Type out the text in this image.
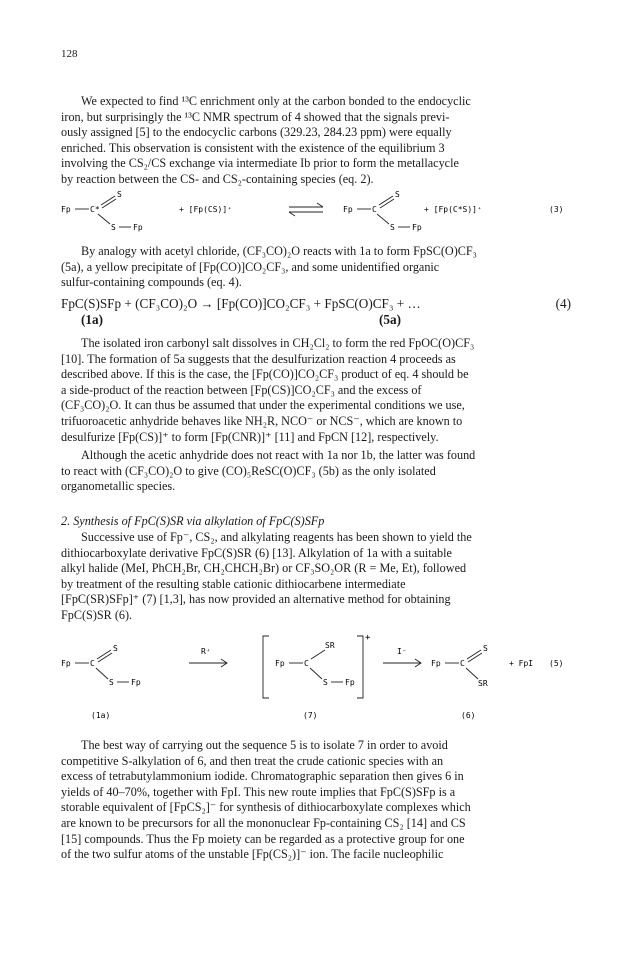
128

We expected to find ¹³C enrichment only at the carbon bonded to the endocyclic

iron, but surprisingly the ¹³C NMR spectrum of 4 showed that the signals previ-

ously assigned [5] to the endocyclic carbons (329.23, 284.23 ppm) were equally

enriched. This observation is consistent with the existence of the equilibrium 3

involving the CS₂/CS exchange via intermediate Ib prior to form the metallacycle

by reaction between the CS- and CS₂-containing species (eq. 2).

Fp C*
S
S Fp
+ [Fp(CS)]⁺	Fp C
S
S Fp
+ [Fp(C*S)]⁺	(3)

By analogy with acetyl chloride, (CF₃CO)₂O reacts with 1a to form FpSC(O)CF₃

(5a), a yellow precipitate of [Fp(CO)]CO₂CF₃, and some unidentified organic

sulfur-containing compounds (eq. 4).

FpC(S)SFp + (CF₃CO)₂O → [Fp(CO)]CO₂CF₃ + FpSC(O)CF₃ + …	(4)
(1a)	(5a)

The isolated iron carbonyl salt dissolves in CH₂Cl₂ to form the red FpOC(O)CF₃

[10]. The formation of 5a suggests that the desulfurization reaction 4 proceeds as

described above. If this is the case, the [Fp(CO)]CO₂CF₃ product of eq. 4 should be

a side-product of the reaction between [Fp(CS)]CO₂CF₃ and the excess of

(CF₃CO)₂O. It can thus be assumed that under the experimental conditions we use,

trifuoroacetic anhydride behaves like NH₂R, NCO⁻ or NCS⁻, which are known to

desulfurize [Fp(CS)]⁺ to form [Fp(CNR)]⁺ [11] and FpCN [12], respectively.

Although the acetic anhydride does not react with 1a nor 1b, the latter was found

to react with (CF₃CO)₂O to give (CO)₅ReSC(O)CF₃ (5b) as the only isolated

organometallic species.

2. Synthesis of FpC(S)SR via alkylation of FpC(S)SFp

Successive use of Fp⁻, CS₂, and alkylating reagents has been shown to yield the

dithiocarboxylate derivative FpC(S)SR (6) [13]. Alkylation of 1a with a suitable

alkyl halide (MeI, PhCH₂Br, CH₂CHCH₂Br) or CF₃SO₂OR (R = Me, Et), followed

by treatment of the resulting stable cationic dithiocarbene intermediate

[FpC(SR)SFp]⁺ (7) [1,3], has now provided an alternative method for obtaining

FpC(S)SR (6).

Fp C
S
S Fp
R⁺
Fp C
SR
S Fp
+
I⁻
Fp C
S
SR
+ FpI (5)
(1a)	(7)	(6)

The best way of carrying out the sequence 5 is to isolate 7 in order to avoid

competitive S-alkylation of 6, and then treat the crude cationic species with an

excess of tetrabutylammonium iodide. Chromatographic separation then gives 6 in

yields of 40–70%, together with FpI. This new route implies that FpC(S)SFp is a

storable equivalent of [FpCS₂]⁻ for synthesis of dithiocarboxylate complexes which

are known to be precursors for all the mononuclear Fp-containing CS₂ [14] and CS

[15] compounds. Thus the Fp moiety can be regarded as a protective group for one

of the two sulfur atoms of the unstable [Fp(CS₂)]⁻ ion. The facile nucleophilic
